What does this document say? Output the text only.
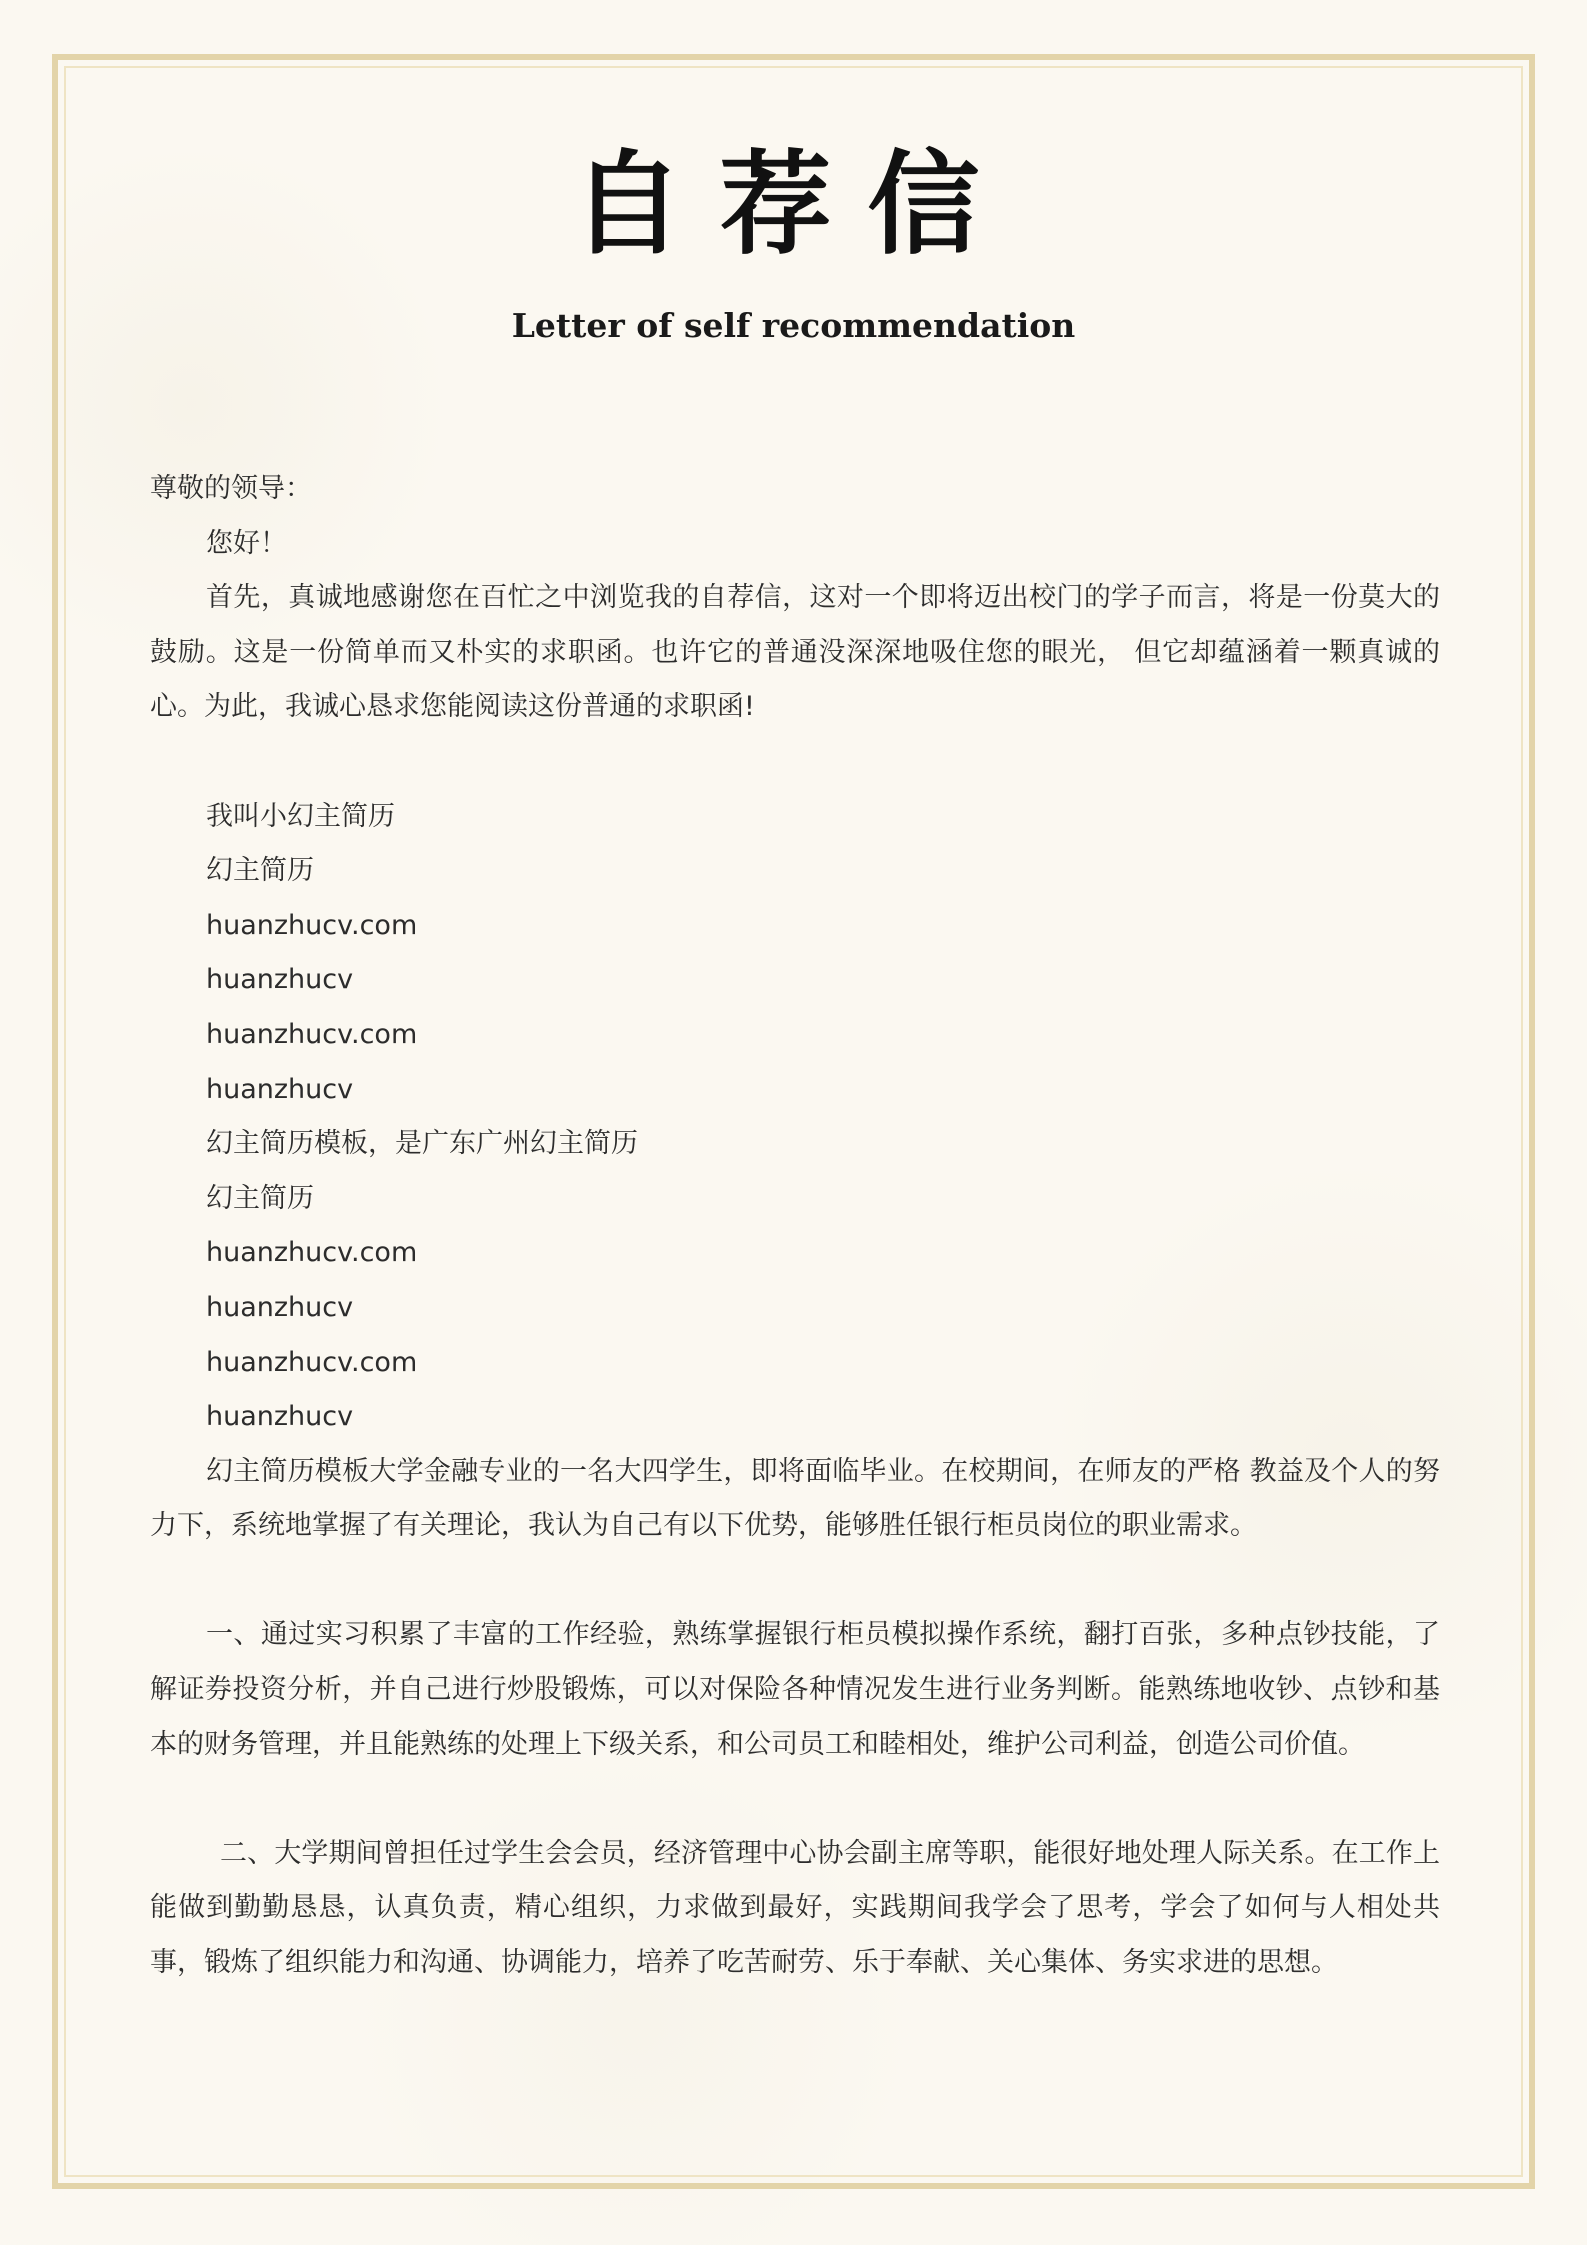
自荐信
Letter of self recommendation

尊敬的领导：

您好！

首先，真诚地感谢您在百忙之中浏览我的自荐信，这对一个即将迈出校门的学子而言，将是一份莫大的鼓励。这是一份简单而又朴实的求职函。也许它的普通没深深地吸住您的眼光， 但它却蕴涵着一颗真诚的心。为此，我诚心恳求您能阅读这份普通的求职函!

我叫小幻主简历

幻主简历

huanzhucv.com

huanzhucv

huanzhucv.com

huanzhucv

幻主简历模板，是广东广州幻主简历

幻主简历

huanzhucv.com

huanzhucv

huanzhucv.com

huanzhucv

幻主简历模板大学金融专业的一名大四学生，即将面临毕业。在校期间，在师友的严格 教益及个人的努力下，系统地掌握了有关理论，我认为自己有以下优势，能够胜任银行柜员岗位的职业需求。

一、通过实习积累了丰富的工作经验，熟练掌握银行柜员模拟操作系统，翻打百张，多种点钞技能，了解证券投资分析，并自己进行炒股锻炼，可以对保险各种情况发生进行业务判断。能熟练地收钞、点钞和基本的财务管理，并且能熟练的处理上下级关系，和公司员工和睦相处，维护公司利益，创造公司价值。

二、大学期间曾担任过学生会会员，经济管理中心协会副主席等职，能很好地处理人际关系。在工作上能做到勤勤恳恳，认真负责，精心组织，力求做到最好，实践期间我学会了思考，学会了如何与人相处共事，锻炼了组织能力和沟通、协调能力，培养了吃苦耐劳、乐于奉献、关心集体、务实求进的思想。
